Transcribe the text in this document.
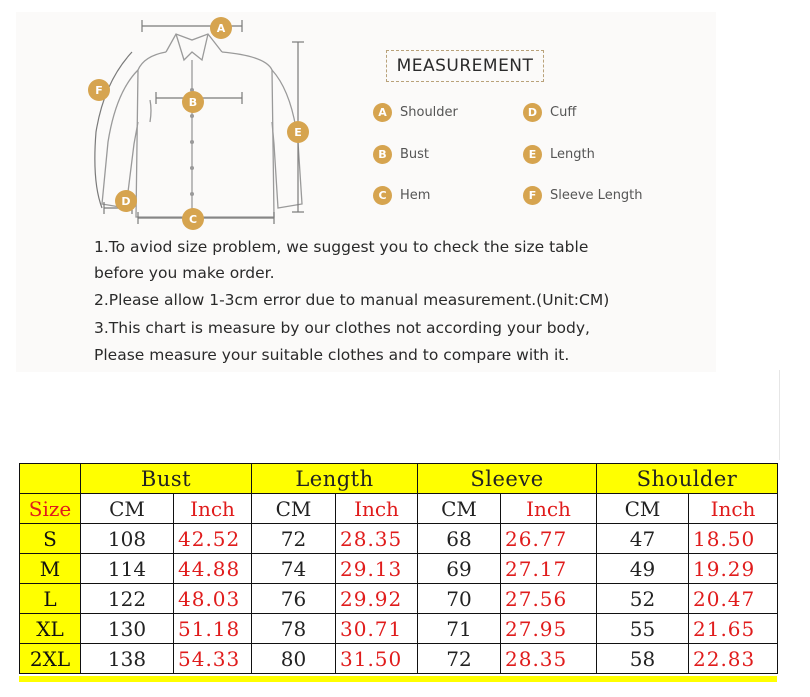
A
B
C
D
E
F
MEASUREMENT
A	Shoulder
B	Bust
C	Hem
D Cuff
E	Length
F	Sleeve Length
1.To aviod size problem, we suggest you to check the size table
before you make order.
2.Please allow 1-3cm error due to manual measurement.(Unit:CM)
3.This chart is measure by our clothes not according your body,
Please measure your suitable clothes and to compare with it.
	Bust		Length		Sleeve		Shoulder	
Size	CM	Inch	CM	Inch	CM	Inch	CM	Inch
S	108	42.52	72	28.35	68	26.77	47	18.50
M	114	44.88	74	29.13	69	27.17	49	19.29
L	122	48.03	76	29.92	70	27.56	52	20.47
XL	130	51.18	78	30.71	71	27.95	55	21.65
2XL	138	54.33	80	31.50	72	28.35	58	22.83
